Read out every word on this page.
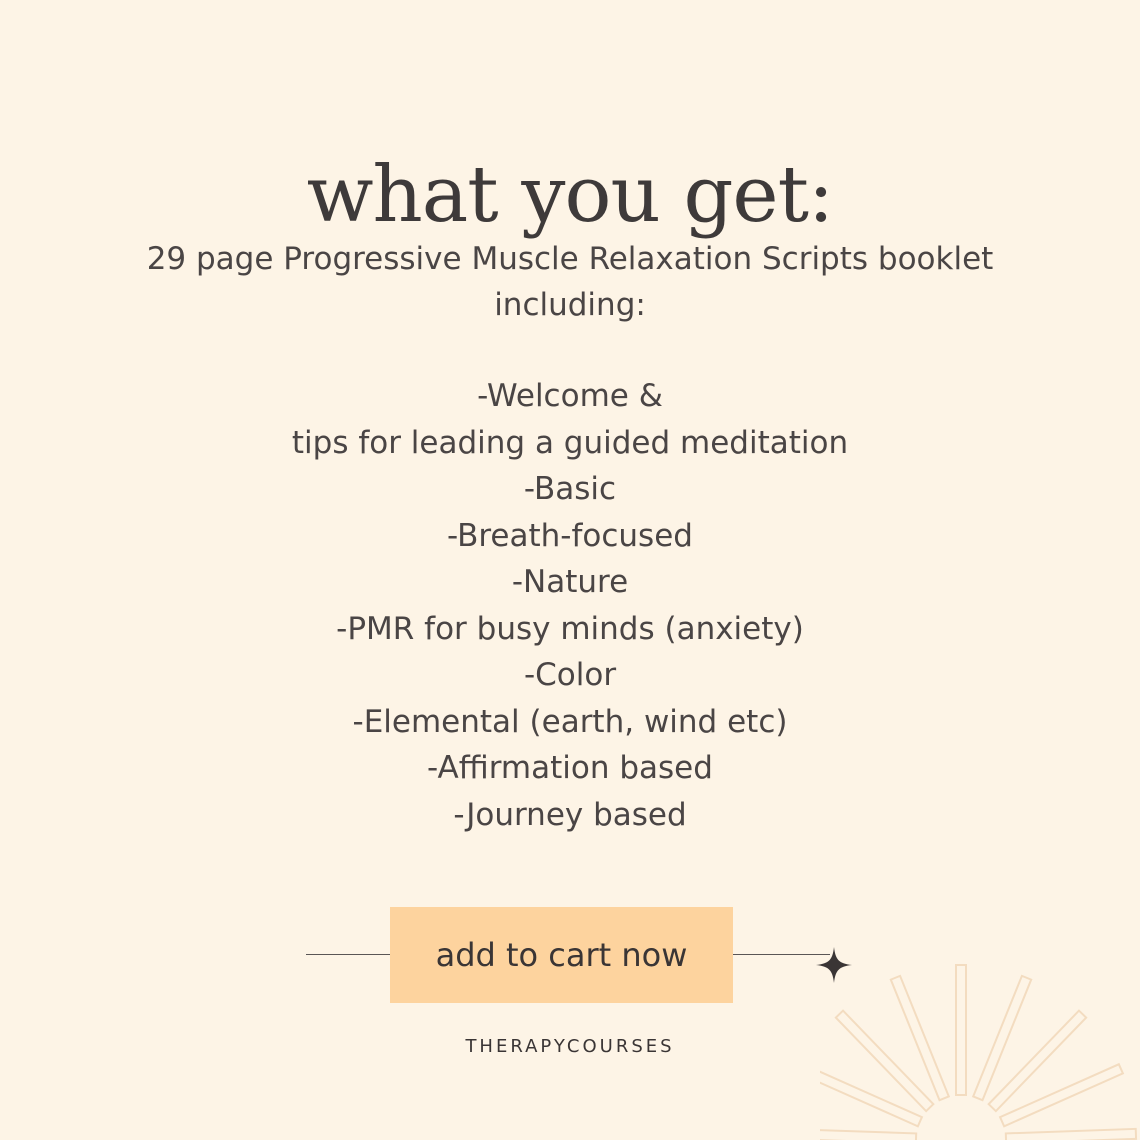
what you get:
29 page Progressive Muscle Relaxation Scripts booklet
including:
-Welcome &
tips for leading a guided meditation
-Basic
-Breath-focused
-Nature
-PMR for busy minds (anxiety)
-Color
-Elemental (earth, wind etc)
-Affirmation based
-Journey based
add to cart now
THERAPYCOURSES
